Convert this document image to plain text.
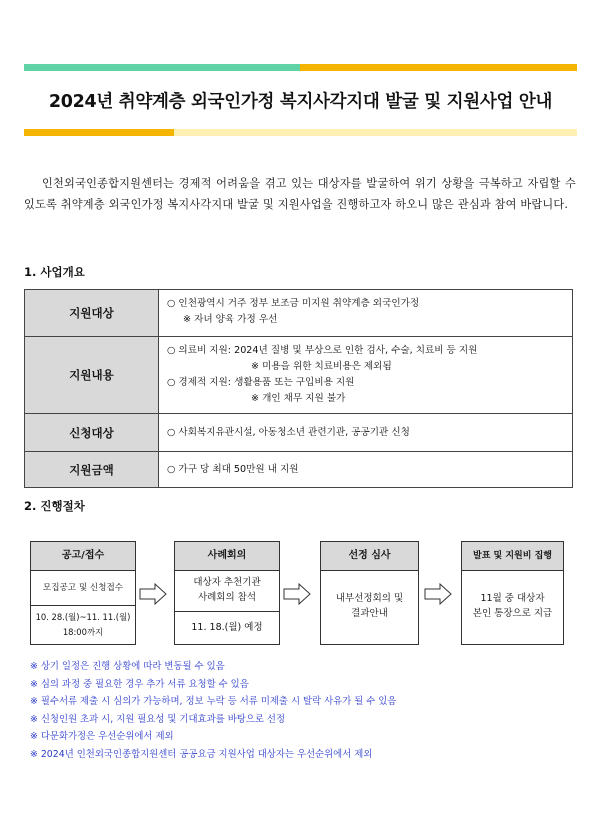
2024년 취약계층 외국인가정 복지사각지대 발굴 및 지원사업 안내
인천외국인종합지원센터는 경제적 어려움을 겪고 있는 대상자를 발굴하여 위기 상황을 극복하고 자립할 수 있도록 취약계층 외국인가정 복지사각지대 발굴 및 지원사업을 진행하고자 하오니 많은 관심과 참여 바랍니다.
1. 사업개요
지원대상	○ 인천광역시 거주 정부 보조금 미지원 취약계층 외국인가정
※ 자녀 양육 가정 우선

지원내용	○ 의료비 지원: 2024년 질병 및 부상으로 인한 검사, 수술, 치료비 등 지원
※ 미용을 위한 치료비용은 제외됨
○ 경제적 지원: 생활용품 또는 구입비용 지원
※ 개인 채무 지원 불가

신청대상	○ 사회복지유관시설, 아동청소년 관련기관, 공공기관 신청

지원금액	○ 가구 당 최대 50만원 내 지원
2. 진행절차
공고/접수
모집공고 및 신청접수
10. 28.(월)~11. 11.(월)
18:00까지
사례회의
대상자 추천기관
사례회의 참석
11. 18.(월) 예정
선정 심사
내부선정회의 및
결과안내
발표 및 지원비 집행
11월 중 대상자
본인 통장으로 지급
※ 상기 일정은 진행 상황에 따라 변동될 수 있음
※ 심의 과정 중 필요한 경우 추가 서류 요청할 수 있음
※ 필수서류 제출 시 심의가 가능하며, 정보 누락 등 서류 미제출 시 탈락 사유가 될 수 있음
※ 신청인원 초과 시, 지원 필요성 및 기대효과를 바탕으로 선정
※ 다문화가정은 우선순위에서 제외
※ 2024년 인천외국인종합지원센터 공공요금 지원사업 대상자는 우선순위에서 제외
